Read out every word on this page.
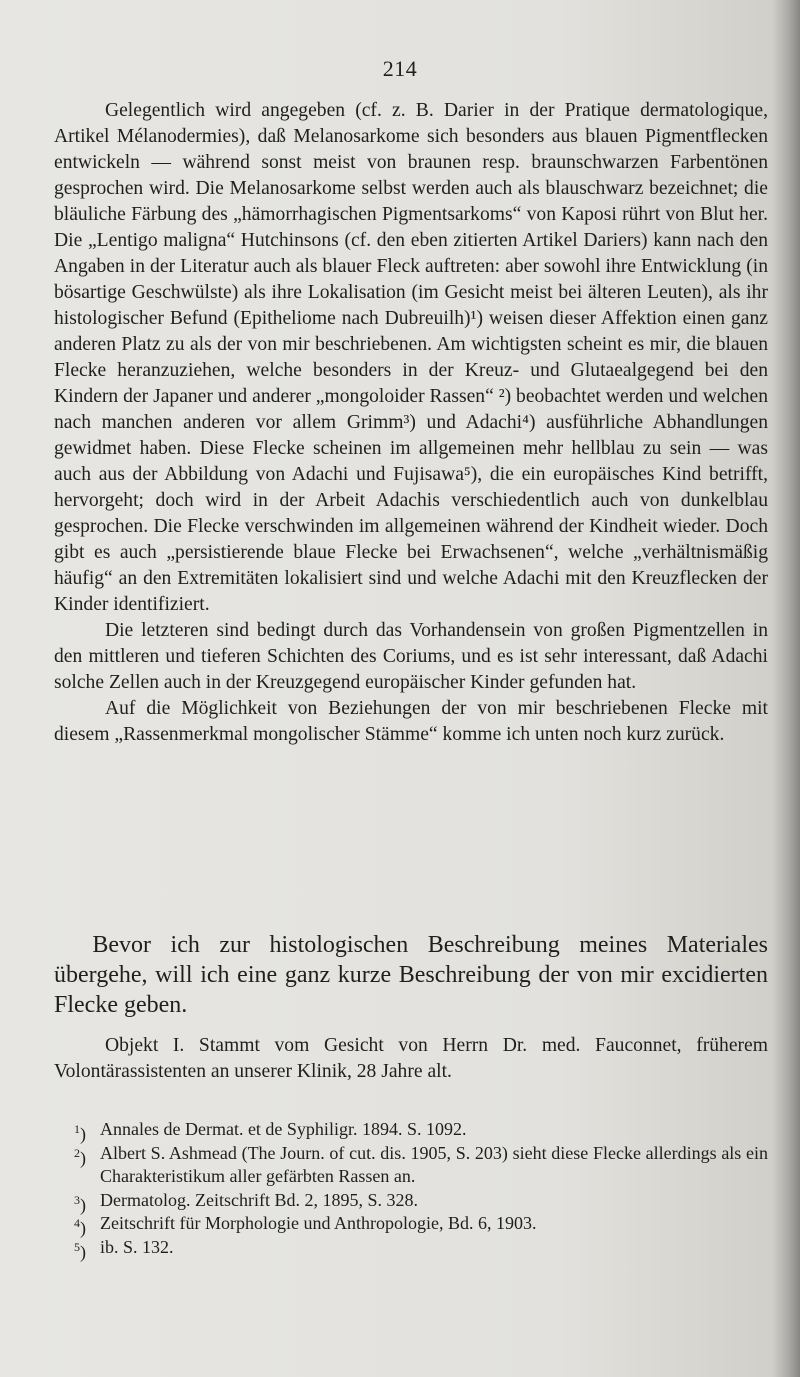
214

Gelegentlich wird angegeben (cf. z. B. Darier in der Pratique dermatologique, Artikel Mélanodermies), daß Melanosarkome sich besonders aus blauen Pigmentflecken entwickeln — während sonst meist von braunen resp. braunschwarzen Farbentönen gesprochen wird. Die Melanosarkome selbst werden auch als blauschwarz bezeichnet; die bläuliche Färbung des „hämorrhagischen Pigmentsarkoms“ von Kaposi rührt von Blut her. Die „Lentigo maligna“ Hutchinsons (cf. den eben zitierten Artikel Dariers) kann nach den Angaben in der Literatur auch als blauer Fleck auftreten: aber sowohl ihre Entwicklung (in bösartige Geschwülste) als ihre Lokalisation (im Gesicht meist bei älteren Leuten), als ihr histologischer Befund (Epitheliome nach Dubreuilh)¹) weisen dieser Affektion einen ganz anderen Platz zu als der von mir beschriebenen. Am wichtigsten scheint es mir, die blauen Flecke heranzuziehen, welche besonders in der Kreuz- und Glutaealgegend bei den Kindern der Japaner und anderer „mongoloider Rassen“ ²) beobachtet werden und welchen nach manchen anderen vor allem Grimm³) und Adachi⁴) ausführliche Abhandlungen gewidmet haben. Diese Flecke scheinen im allgemeinen mehr hellblau zu sein — was auch aus der Abbildung von Adachi und Fujisawa⁵), die ein europäisches Kind betrifft, hervorgeht; doch wird in der Arbeit Adachis verschiedentlich auch von dunkelblau gesprochen. Die Flecke verschwinden im allgemeinen während der Kindheit wieder. Doch gibt es auch „persistierende blaue Flecke bei Erwachsenen“, welche „verhältnismäßig häufig“ an den Extremitäten lokalisiert sind und welche Adachi mit den Kreuzflecken der Kinder identifiziert.

Die letzteren sind bedingt durch das Vorhandensein von großen Pigmentzellen in den mittleren und tieferen Schichten des Coriums, und es ist sehr interessant, daß Adachi solche Zellen auch in der Kreuzgegend europäischer Kinder gefunden hat.

Auf die Möglichkeit von Beziehungen der von mir beschriebenen Flecke mit diesem „Rassenmerkmal mongolischer Stämme“ komme ich unten noch kurz zurück.

Bevor ich zur histologischen Beschreibung meines Materiales übergehe, will ich eine ganz kurze Beschreibung der von mir excidierten Flecke geben.

Objekt I. Stammt vom Gesicht von Herrn Dr. med. Fauconnet, früherem Volontärassistenten an unserer Klinik, 28 Jahre alt.

$^1$) Annales de Dermat. et de Syphiligr. 1894. S. 1092.
$^2$) Albert S. Ashmead (The Journ. of cut. dis. 1905, S. 203) sieht diese Flecke allerdings als ein Charakteristikum aller gefärbten Rassen an.
$^3$) Dermatolog. Zeitschrift Bd. 2, 1895, S. 328.
$^4$) Zeitschrift für Morphologie und Anthropologie, Bd. 6, 1903.
$^5$) ib. S. 132.
